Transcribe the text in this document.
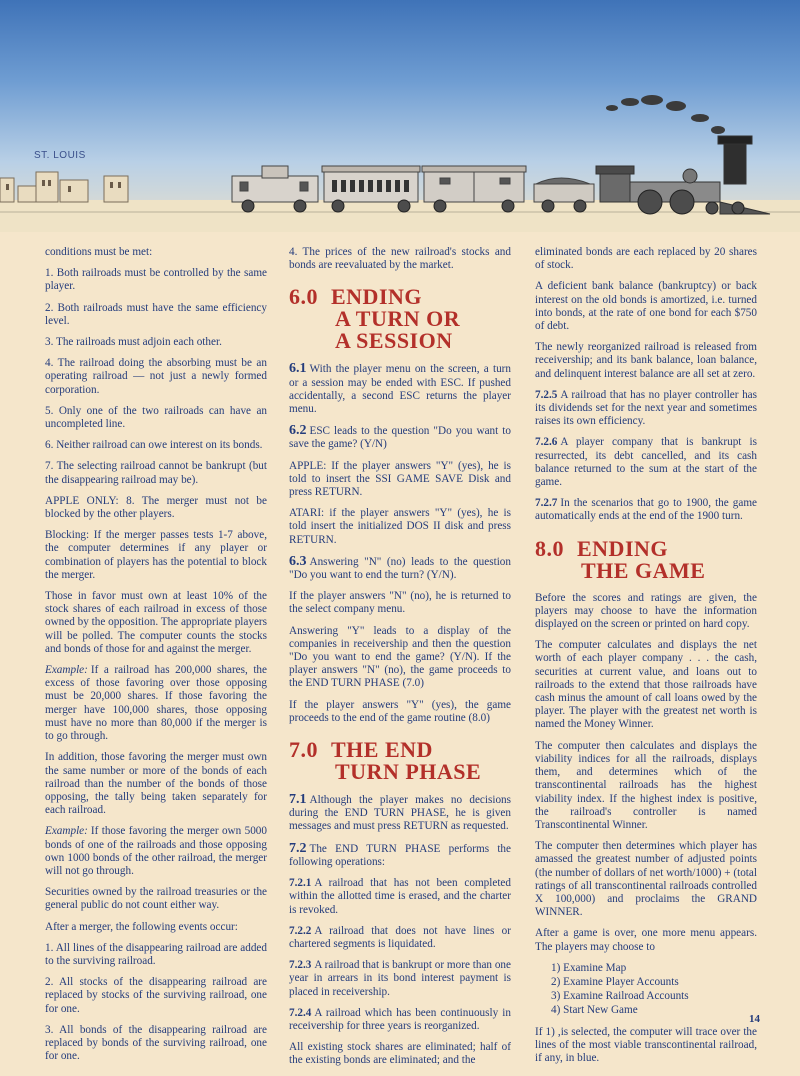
ST. LOUIS

conditions must be met:

1. Both railroads must be controlled by the same player.

2. Both railroads must have the same efficiency level.

3. The railroads must adjoin each other.

4. The railroad doing the absorbing must be an operating railroad — not just a newly formed corporation.

5. Only one of the two railroads can have an uncompleted line.

6. Neither railroad can owe interest on its bonds.

7. The selecting railroad cannot be bankrupt (but the disappearing railroad may be).

APPLE ONLY: 8. The merger must not be blocked by the other players.

Blocking: If the merger passes tests 1-7 above, the computer determines if any player or combination of players has the potential to block the merger.

Those in favor must own at least 10% of the stock shares of each railroad in excess of those owned by the opposition. The appropriate players will be polled. The computer counts the stocks and bonds of those for and against the merger.

Example: If a railroad has 200,000 shares, the excess of those favoring over those opposing must be 20,000 shares. If those favoring the merger have 100,000 shares, those opposing must have no more than 80,000 if the merger is to go through.

In addition, those favoring the merger must own the same number or more of the bonds of each railroad than the number of the bonds of those opposing, the tally being taken separately for each railroad.

Example: If those favoring the merger own 5000 bonds of one of the railroads and those opposing own 1000 bonds of the other railroad, the merger will not go through.

Securities owned by the railroad treasuries or the general public do not count either way.

After a merger, the following events occur:

1. All lines of the disappearing railroad are added to the surviving railroad.

2. All stocks of the disappearing railroad are replaced by stocks of the surviving railroad, one for one.

3. All bonds of the disappearing railroad are replaced by bonds of the surviving railroad, one for one.

4. The prices of the new railroad's stocks and bonds are reevaluated by the market.

6.0 ENDING
A TURN OR
A SESSION

6.1 With the player menu on the screen, a turn or a session may be ended with ESC. If pushed accidentally, a second ESC returns the player menu.

6.2 ESC leads to the question "Do you want to save the game? (Y/N)

APPLE: If the player answers "Y" (yes), he is told to insert the SSI GAME SAVE Disk and press RETURN.

ATARI: if the player answers "Y" (yes), he is told insert the initialized DOS II disk and press RETURN.

6.3 Answering "N" (no) leads to the question "Do you want to end the turn? (Y/N).

If the player answers "N" (no), he is returned to the select company menu.

Answering "Y" leads to a display of the companies in receivership and then the question "Do you want to end the game? (Y/N). If the player answers "N" (no), the game proceeds to the END TURN PHASE (7.0)

If the player answers "Y" (yes), the game proceeds to the end of the game routine (8.0)

7.0 THE END
TURN PHASE

7.1 Although the player makes no decisions during the END TURN PHASE, he is given messages and must press RETURN as requested.

7.2 The END TURN PHASE performs the following operations:

7.2.1 A railroad that has not been completed within the allotted time is erased, and the charter is revoked.

7.2.2 A railroad that does not have lines or chartered segments is liquidated.

7.2.3 A railroad that is bankrupt or more than one year in arrears in its bond interest payment is placed in receivership.

7.2.4 A railroad which has been continuously in receivership for three years is reorganized.

All existing stock shares are eliminated; half of the existing bonds are eliminated; and the

eliminated bonds are each replaced by 20 shares of stock.

A deficient bank balance (bankruptcy) or back interest on the old bonds is amortized, i.e. turned into bonds, at the rate of one bond for each $750 of debt.

The newly reorganized railroad is released from receivership; and its bank balance, loan balance, and delinquent interest balance are all set at zero.

7.2.5 A railroad that has no player controller has its dividends set for the next year and sometimes raises its own efficiency.

7.2.6 A player company that is bankrupt is resurrected, its debt cancelled, and its cash balance returned to the sum at the start of the game.

7.2.7 In the scenarios that go to 1900, the game automatically ends at the end of the 1900 turn.

8.0 ENDING
THE GAME

Before the scores and ratings are given, the players may choose to have the information displayed on the screen or printed on hard copy.

The computer calculates and displays the net worth of each player company . . . the cash, securities at current value, and loans out to railroads to the extend that those railroads have cash minus the amount of call loans owed by the player. The player with the greatest net worth is named the Money Winner.

The computer then calculates and displays the viability indices for all the railroads, displays them, and determines which of the transcontinental railroads has the highest viability index. If the highest index is positive, the railroad's controller is named Transcontinental Winner.

The computer then determines which player has amassed the greatest number of adjusted points (the number of dollars of net worth/1000) + (total ratings of all transcontinental railroads controlled X 100,000) and proclaims the GRAND WINNER.

After a game is over, one more menu appears. The players may choose to

1) Examine Map
2) Examine Player Accounts
3) Examine Railroad Accounts
4) Start New Game

If 1) ,is selected, the computer will trace over the lines of the most viable transcontinental railroad, if any, in blue.

14
